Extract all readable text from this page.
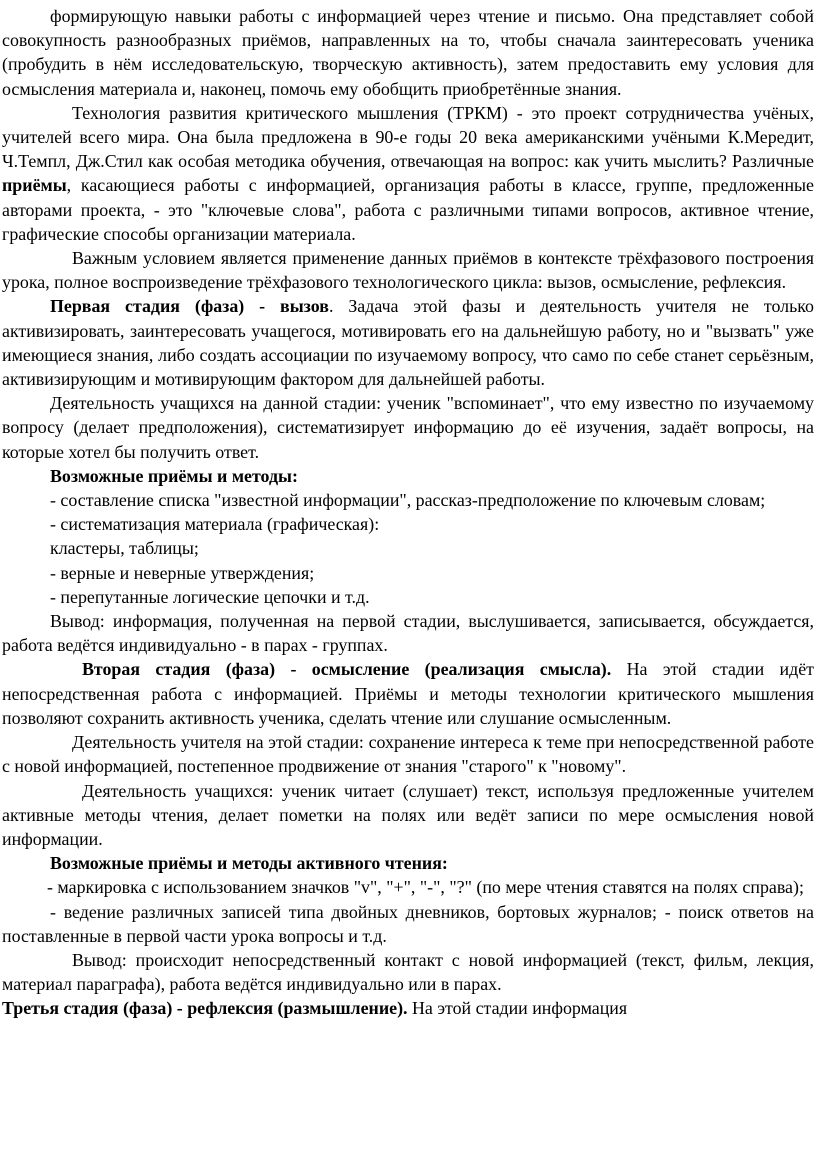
формирующую навыки работы с информацией через чтение и письмо. Она представляет собой совокупность разнообразных приёмов, направленных на то, чтобы сначала заинтересовать ученика (пробудить в нём исследовательскую, творческую активность), затем предоставить ему условия для осмысления материала и, наконец, помочь ему обобщить приобретённые знания.

Технология развития критического мышления (ТРКМ) - это проект сотрудничества учёных, учителей всего мира. Она была предложена в 90-е годы 20 века американскими учёными К.Мередит, Ч.Темпл, Дж.Стил как особая методика обучения, отвечающая на вопрос: как учить мыслить? Различные приёмы, касающиеся работы с информацией, организация работы в классе, группе, предложенные авторами проекта, - это "ключевые слова", работа с различными типами вопросов, активное чтение, графические способы организации материала.

Важным условием является применение данных приёмов в контексте трёхфазового построения урока, полное воспроизведение трёхфазового технологического цикла: вызов, осмысление, рефлексия.

Первая стадия (фаза) - вызов. Задача этой фазы и деятельность учителя не только активизировать, заинтересовать учащегося, мотивировать его на дальнейшую работу, но и "вызвать" уже имеющиеся знания, либо создать ассоциации по изучаемому вопросу, что само по себе станет серьёзным, активизирующим и мотивирующим фактором для дальнейшей работы.

Деятельность учащихся на данной стадии: ученик "вспоминает", что ему известно по изучаемому вопросу (делает предположения), систематизирует информацию до её изучения, задаёт вопросы, на которые хотел бы получить ответ.

Возможные приёмы и методы:

- составление списка "известной информации", рассказ-предположение по ключевым словам;

- систематизация материала (графическая):

кластеры, таблицы;

- верные и неверные утверждения;

- перепутанные логические цепочки и т.д.

Вывод: информация, полученная на первой стадии, выслушивается, записывается, обсуждается, работа ведётся индивидуально - в парах - группах.

Вторая стадия (фаза) - осмысление (реализация смысла). На этой стадии идёт непосредственная работа с информацией. Приёмы и методы технологии критического мышления позволяют сохранить активность ученика, сделать чтение или слушание осмысленным.

Деятельность учителя на этой стадии: сохранение интереса к теме при непосредственной работе с новой информацией, постепенное продвижение от знания "старого" к "новому".

Деятельность учащихся: ученик читает (слушает) текст, используя предложенные учителем активные методы чтения, делает пометки на полях или ведёт записи по мере осмысления новой информации.

Возможные приёмы и методы активного чтения:

- маркировка с использованием значков "v", "+", "-", "?" (по мере чтения ставятся на полях справа);

- ведение различных записей типа двойных дневников, бортовых журналов; - поиск ответов на поставленные в первой части урока вопросы и т.д.

Вывод: происходит непосредственный контакт с новой информацией (текст, фильм, лекция, материал параграфа), работа ведётся индивидуально или в парах.

Третья стадия (фаза) - рефлексия (размышление). На этой стадии информация
